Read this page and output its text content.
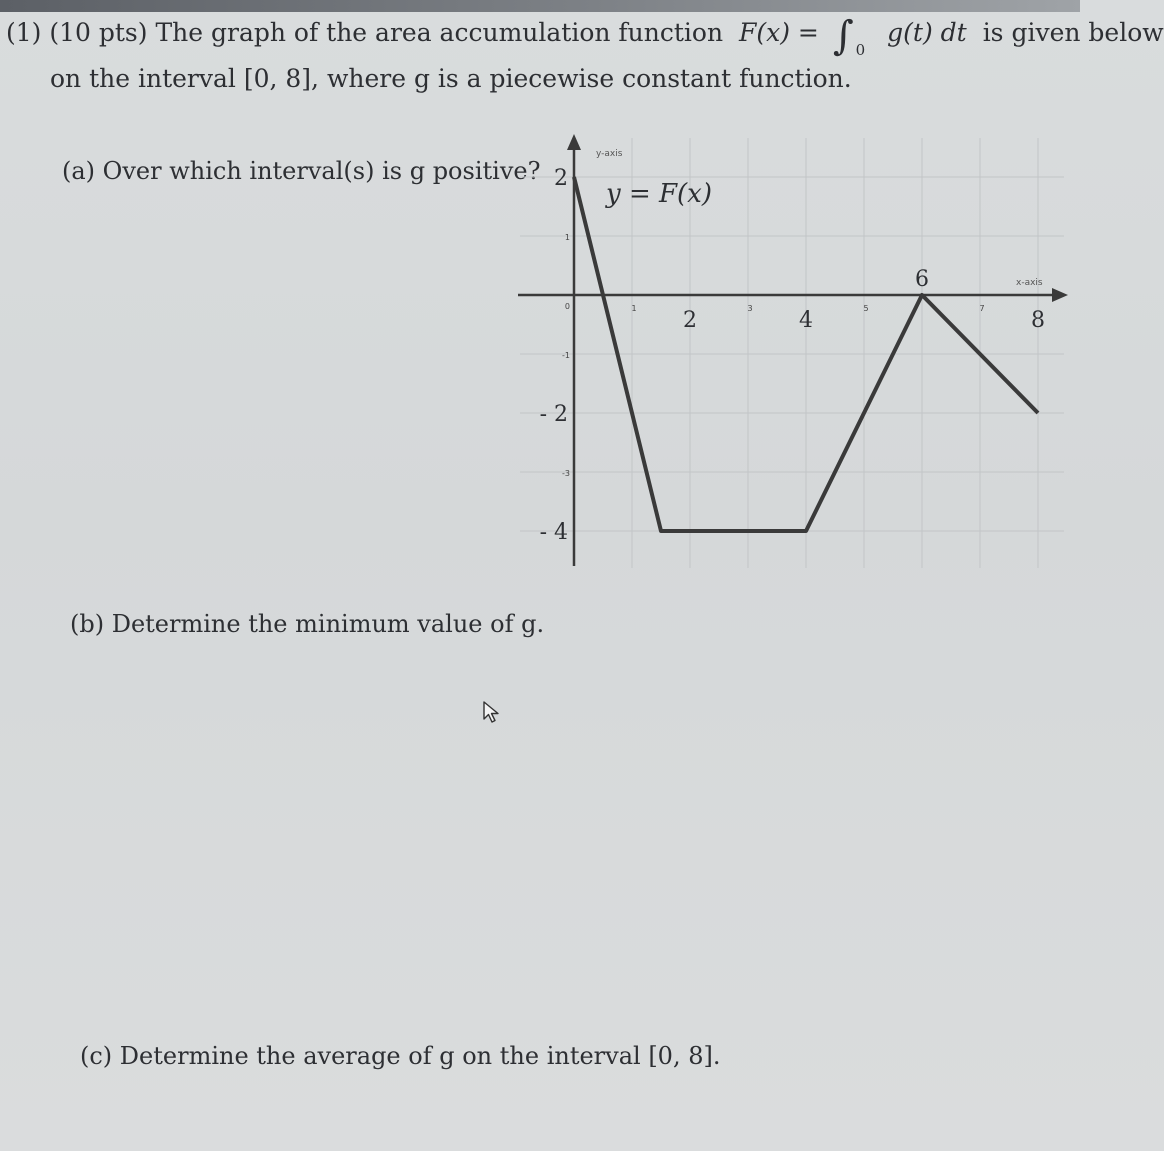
(1) (10 pts) The graph of the area accumulation function F(x) = ∫ $_0$ g(t) dt is given below
on the interval [0, 8], where g is a piecewise constant function.
(a) Over which interval(s) is g positive?
(b) Determine the minimum value of g.
(c) Determine the average of g on the interval [0, 8].
2	4
6
8
1	3	5	7
2
- 2
- 4
1
0
-1
-3
y = F(x)
y-axis
x-axis
